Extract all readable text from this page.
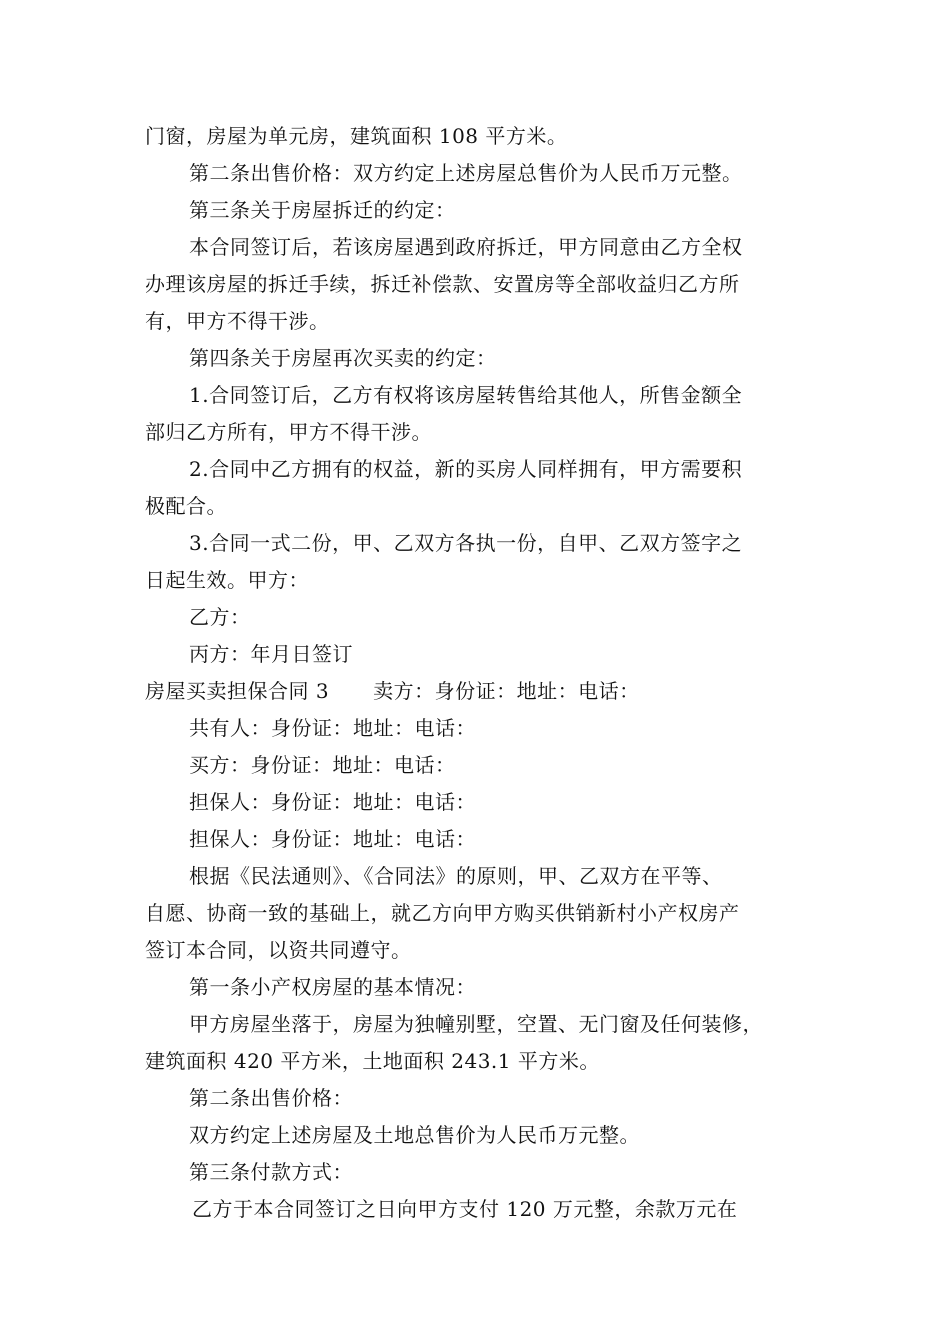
门窗，房屋为单元房，建筑面积 108 平方米。
第二条出售价格：双方约定上述房屋总售价为人民币万元整。
第三条关于房屋拆迁的约定：
本合同签订后，若该房屋遇到政府拆迁，甲方同意由乙方全权
办理该房屋的拆迁手续，拆迁补偿款、安置房等全部收益归乙方所
有，甲方不得干涉。
第四条关于房屋再次买卖的约定：
1.合同签订后，乙方有权将该房屋转售给其他人，所售金额全
部归乙方所有，甲方不得干涉。
2.合同中乙方拥有的权益，新的买房人同样拥有，甲方需要积
极配合。
3.合同一式二份，甲、乙双方各执一份，自甲、乙双方签字之
日起生效。甲方：
乙方：
丙方：年月日签订
房屋买卖担保合同 3 卖方：身份证：地址：电话：
共有人：身份证：地址：电话：
买方：身份证：地址：电话：
担保人：身份证：地址：电话：
担保人：身份证：地址：电话：
根据《民法通则》、《合同法》的原则，甲、乙双方在平等、
自愿、协商一致的基础上，就乙方向甲方购买供销新村小产权房产
签订本合同，以资共同遵守。
第一条小产权房屋的基本情况：
甲方房屋坐落于，房屋为独幢别墅，空置、无门窗及任何装修，
建筑面积 420 平方米，土地面积 243.1 平方米。
第二条出售价格：
双方约定上述房屋及土地总售价为人民币万元整。
第三条付款方式：
乙方于本合同签订之日向甲方支付 120 万元整，余款万元在
